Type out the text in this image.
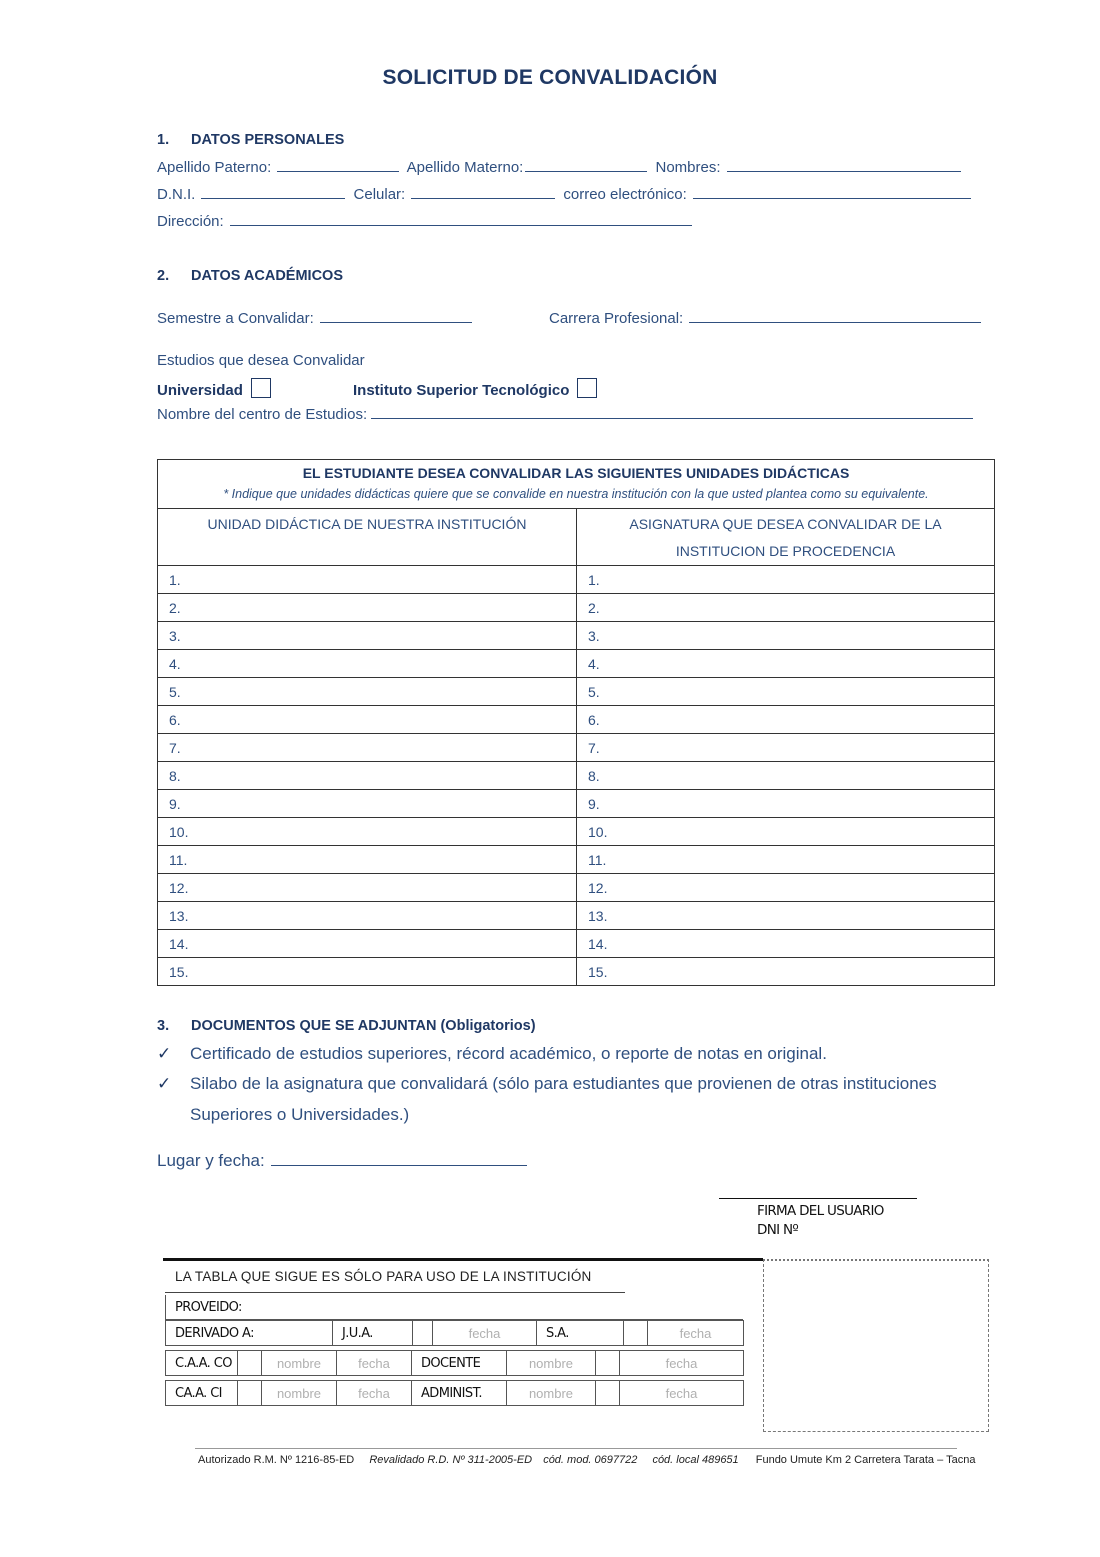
SOLICITUD DE CONVALIDACIÓN
1. DATOS PERSONALES
Apellido Paterno:	Apellido Materno:	Nombres:
D.N.I.	Celular:	correo electrónico:
Dirección:
2. DATOS ACADÉMICOS
Semestre a Convalidar:	Carrera Profesional:
Estudios que desea Convalidar
Universidad	Instituto Superior Tecnológico
Nombre del centro de Estudios:
EL ESTUDIANTE DESEA CONVALIDAR LAS SIGUIENTES UNIDADES DIDÁCTICAS	
* Indique que unidades didácticas quiere que se convalide en nuestra institución con la que usted plantea como su equivalente.	
UNIDAD DIDÁCTICA DE NUESTRA INSTITUCIÓN	ASIGNATURA QUE DESEA CONVALIDAR DE LA
INSTITUCION DE PROCEDENCIA

1.	1.
2.	2.
3.	3.
4.	4.
5.	5.
6.	6.
7.	7.
8.	8.
9.	9.
10.	10.
11.	11.
12.	12.
13.	13.
14.	14.
15.	15.
3. DOCUMENTOS QUE SE ADJUNTAN (Obligatorios)
✓ Certificado de estudios superiores, récord académico, o reporte de notas en original.
✓ Silabo de la asignatura que convalidará (sólo para estudiantes que provienen de otras instituciones
Superiores o Universidades.)
Lugar y fecha:
FIRMA DEL USUARIO
DNI Nº
LA TABLA QUE SIGUE ES SÓLO PARA USO DE LA INSTITUCIÓN
PROVEIDO:
DERIVADO A:	J.U.A.		fecha	S.A.		fecha
C.A.A. CO		nombre	fecha	DOCENTE	nombre		fecha
CA.A. CI		nombre	fecha	ADMINIST.	nombre		fecha
Autorizado R.M. Nº 1216-85-ED Revalidado R.D. Nº 311-2005-ED cód. mod. 0697722 cód. local 489651 Fundo Umute Km 2 Carretera Tarata – Tacna
